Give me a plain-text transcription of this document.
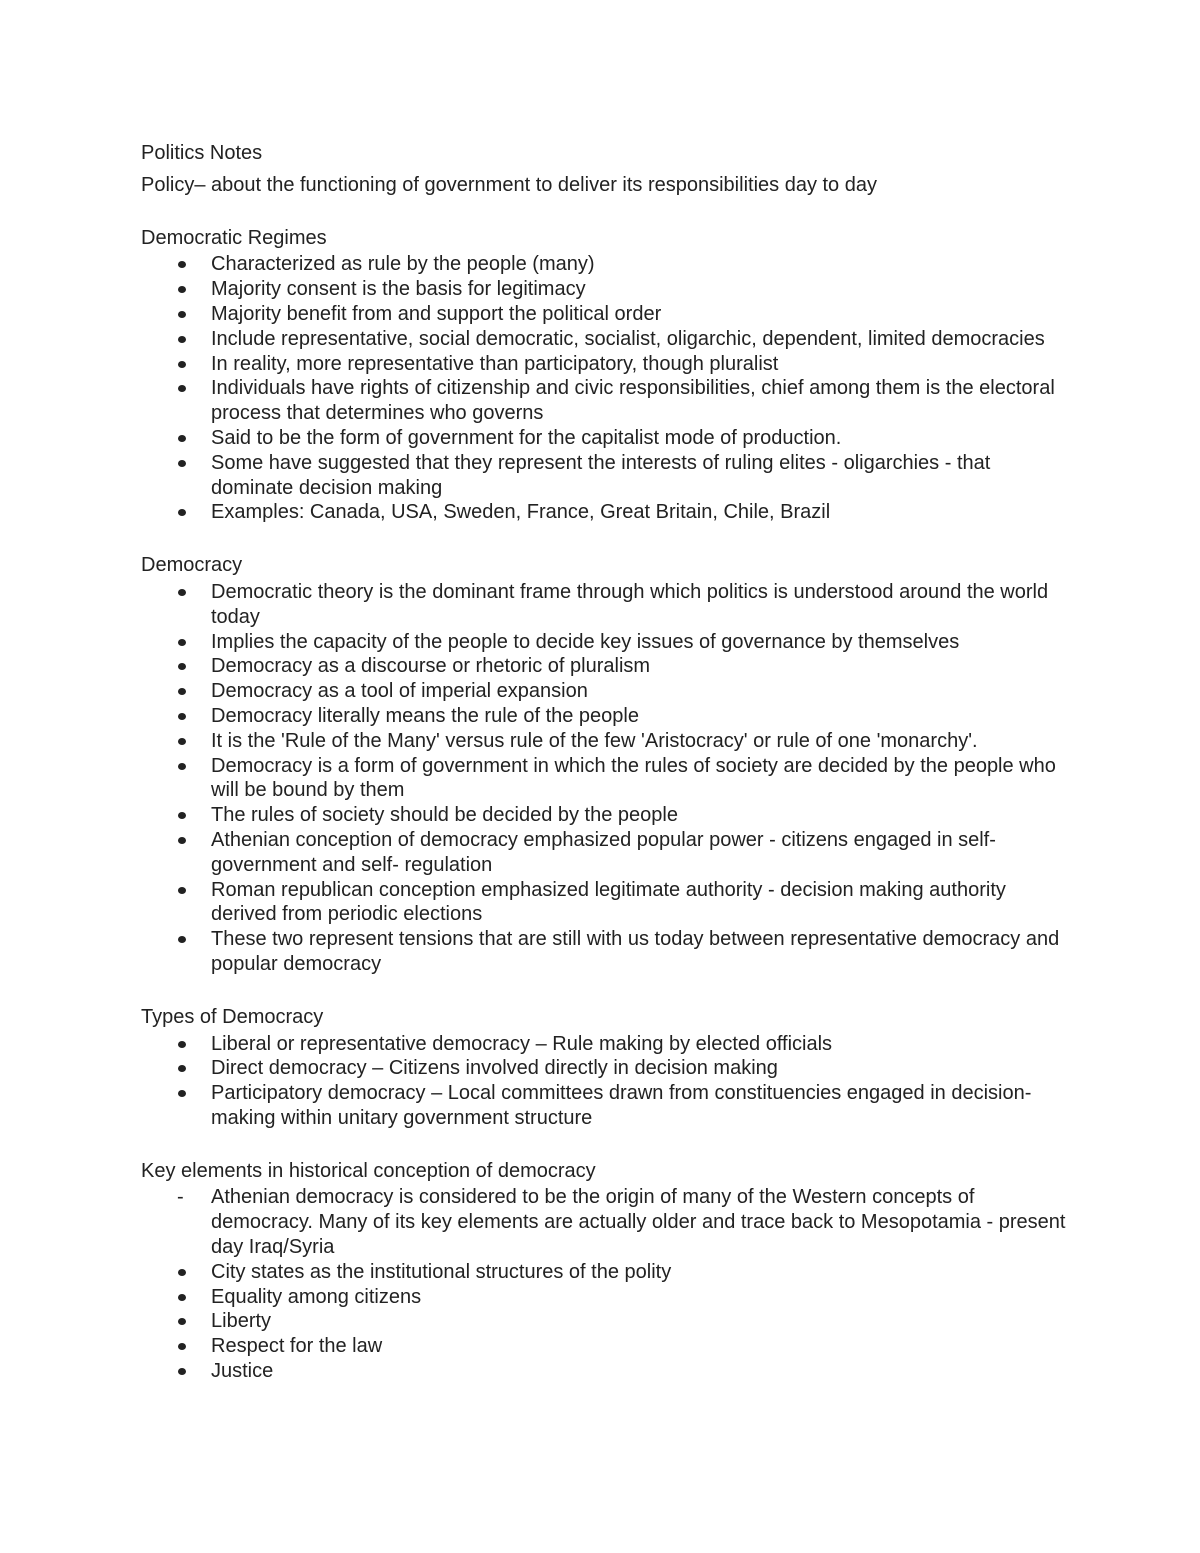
Politics Notes

Policy– about the functioning of government to deliver its responsibilities day to day

Democratic Regimes

Characterized as rule by the people (many)
Majority consent is the basis for legitimacy
Majority benefit from and support the political order
Include representative, social democratic, socialist, oligarchic, dependent, limited democracies
In reality, more representative than participatory, though pluralist
Individuals have rights of citizenship and civic responsibilities, chief among them is the electoral process that determines who governs
Said to be the form of government for the capitalist mode of production.
Some have suggested that they represent the interests of ruling elites - oligarchies - that dominate decision making
Examples: Canada, USA, Sweden, France, Great Britain, Chile, Brazil

Democracy

Democratic theory is the dominant frame through which politics is understood around the world today
Implies the capacity of the people to decide key issues of governance by themselves
Democracy as a discourse or rhetoric of pluralism
Democracy as a tool of imperial expansion
Democracy literally means the rule of the people
It is the 'Rule of the Many' versus rule of the few 'Aristocracy' or rule of one 'monarchy'.
Democracy is a form of government in which the rules of society are decided by the people who will be bound by them
The rules of society should be decided by the people
Athenian conception of democracy emphasized popular power - citizens engaged in self-government and self- regulation
Roman republican conception emphasized legitimate authority - decision making authority derived from periodic elections
These two represent tensions that are still with us today between representative democracy and popular democracy

Types of Democracy

Liberal or representative democracy – Rule making by elected officials
Direct democracy – Citizens involved directly in decision making
Participatory democracy – Local committees drawn from constituencies engaged in decision-making within unitary government structure

Key elements in historical conception of democracy

- Athenian democracy is considered to be the origin of many of the Western concepts of democracy. Many of its key elements are actually older and trace back to Mesopotamia - present day Iraq/Syria
City states as the institutional structures of the polity
Equality among citizens
Liberty
Respect for the law
Justice
